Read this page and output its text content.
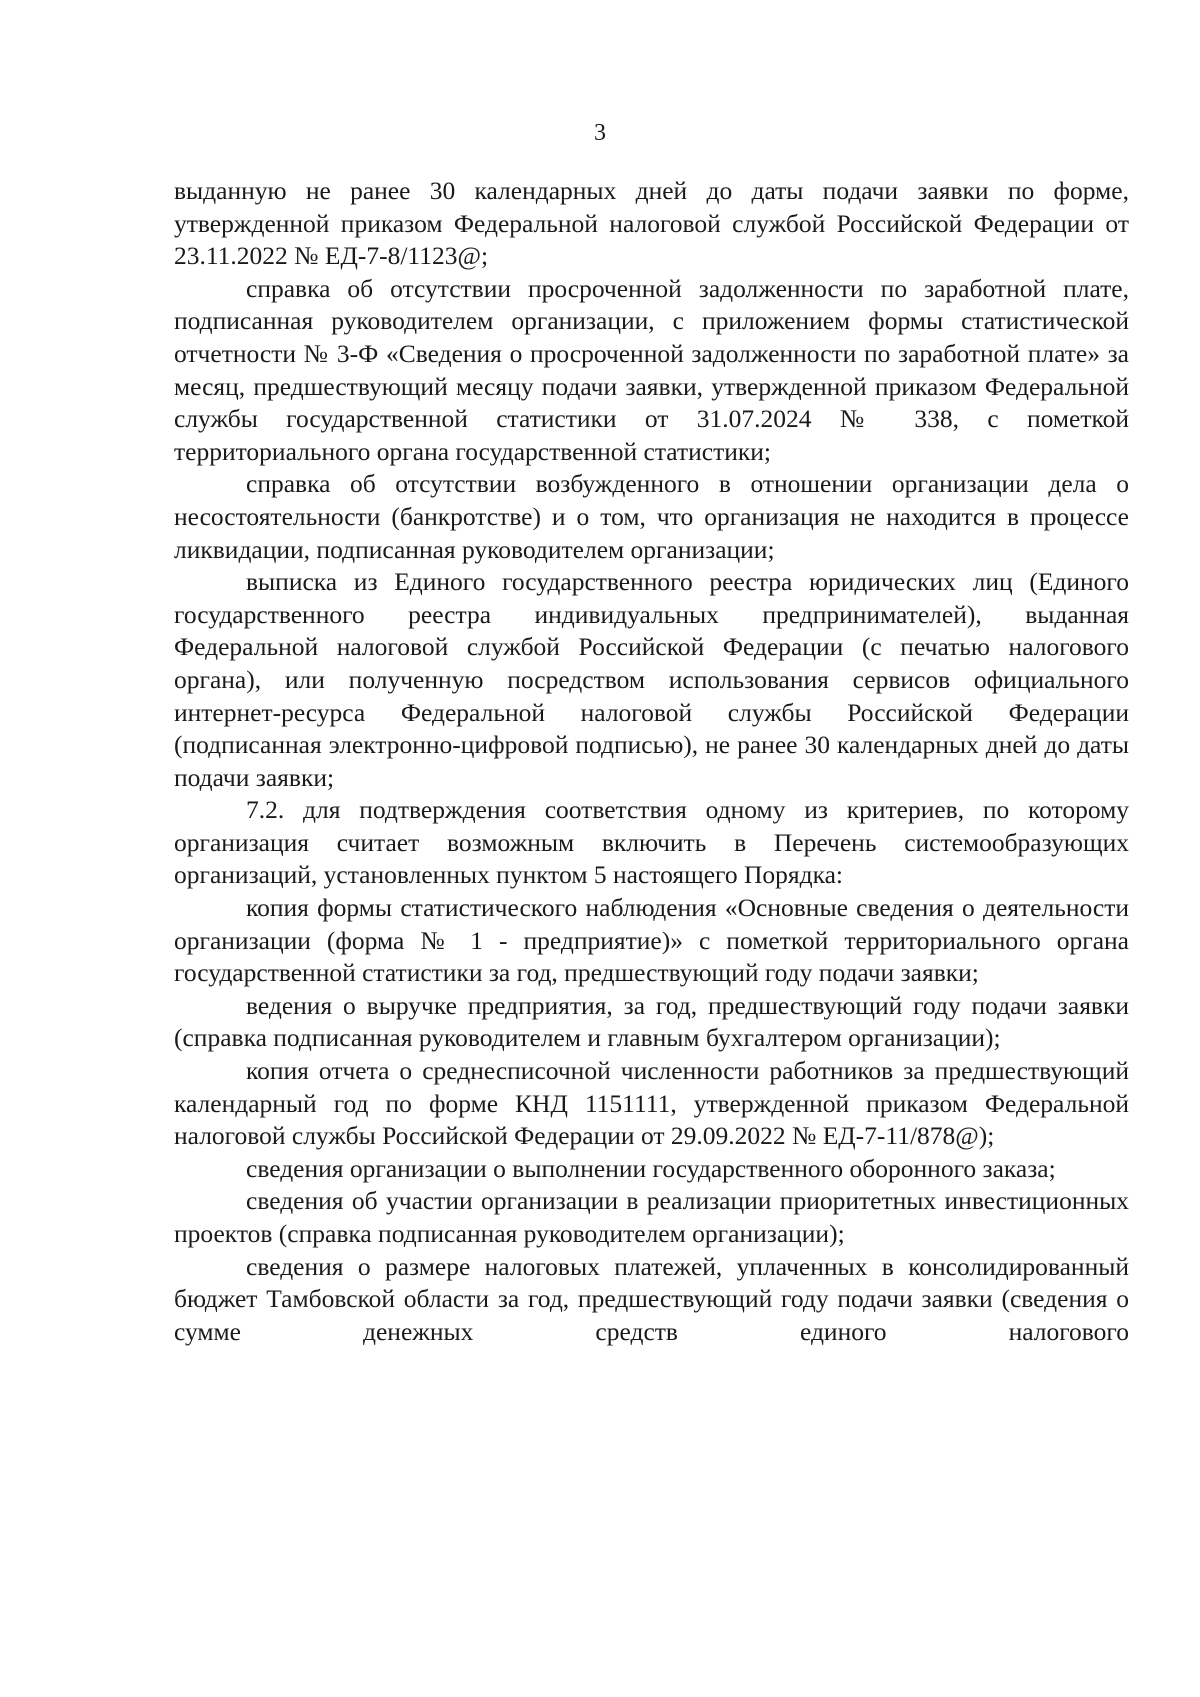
3

выданную не ранее 30 календарных дней до даты подачи заявки по форме, утвержденной приказом Федеральной налоговой службой Российской Федерации от 23.11.2022 № ЕД-7-8/1123@;

справка об отсутствии просроченной задолженности по заработной плате, подписанная руководителем организации, с приложением формы статистической отчетности № 3-Ф «Сведения о просроченной задолженности по заработной плате» за месяц, предшествующий месяцу подачи заявки, утвержденной приказом Федеральной службы государственной статистики от 31.07.2024 № 338, с пометкой территориального органа государственной статистики;

справка об отсутствии возбужденного в отношении организации дела о несостоятельности (банкротстве) и о том, что организация не находится в процессе ликвидации, подписанная руководителем организации;

выписка из Единого государственного реестра юридических лиц (Единого государственного реестра индивидуальных предпринимателей), выданная Федеральной налоговой службой Российской Федерации (с печатью налогового органа), или полученную посредством использования сервисов официального интернет-ресурса Федеральной налоговой службы Российской Федерации (подписанная электронно-цифровой подписью), не ранее 30 календарных дней до даты подачи заявки;

7.2. для подтверждения соответствия одному из критериев, по которому организация считает возможным включить в Перечень системообразующих организаций, установленных пунктом 5 настоящего Порядка:

копия формы статистического наблюдения «Основные сведения о деятельности организации (форма № 1 - предприятие)» с пометкой территориального органа государственной статистики за год, предшествующий году подачи заявки;

ведения о выручке предприятия, за год, предшествующий году подачи заявки (справка подписанная руководителем и главным бухгалтером организации);

копия отчета о среднесписочной численности работников за предшествующий календарный год по форме КНД 1151111, утвержденной приказом Федеральной налоговой службы Российской Федерации от 29.09.2022 № ЕД-7-11/878@);

сведения организации о выполнении государственного оборонного заказа;

сведения об участии организации в реализации приоритетных инвестиционных проектов (справка подписанная руководителем организации);

сведения о размере налоговых платежей, уплаченных в консолидированный бюджет Тамбовской области за год, предшествующий году подачи заявки (сведения о сумме денежных средств единого налогового
